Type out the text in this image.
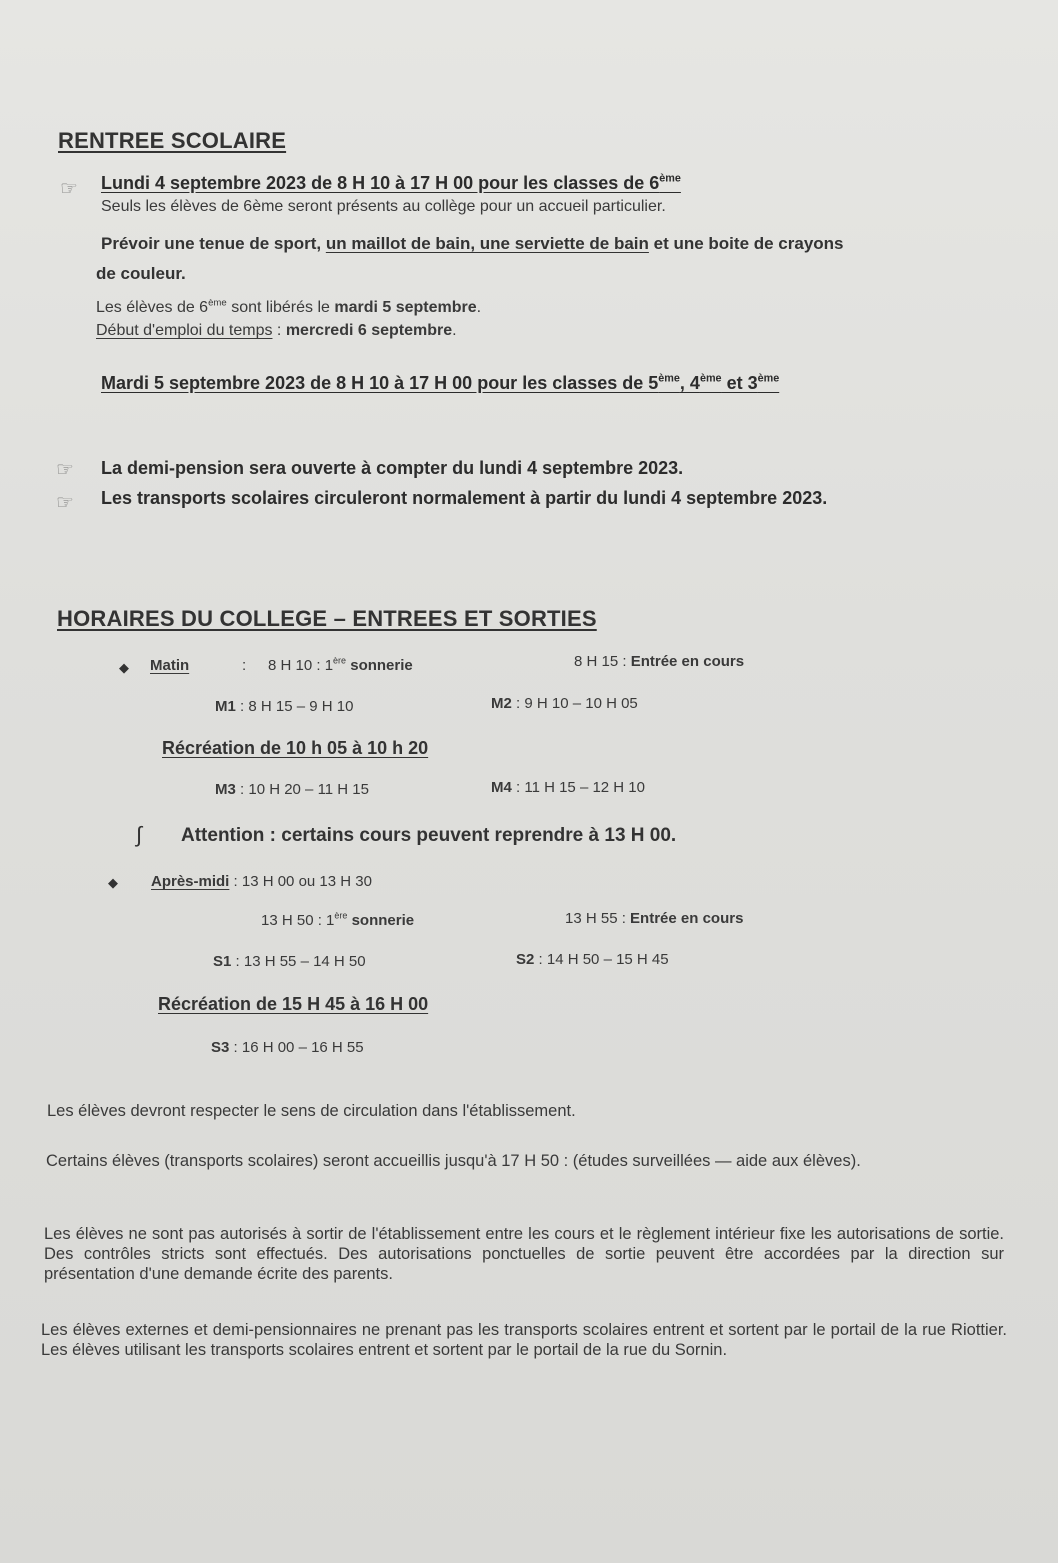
RENTREE SCOLAIRE
☞ Lundi 4 septembre 2023 de 8 H 10 à 17 H 00 pour les classes de 6ème
Seuls les élèves de 6ème seront présents au collège pour un accueil particulier.
Prévoir une tenue de sport, un maillot de bain, une serviette de bain et une boite de crayons
de couleur.
Les élèves de 6ème sont libérés le mardi 5 septembre.
Début d'emploi du temps : mercredi 6 septembre.
Mardi 5 septembre 2023 de 8 H 10 à 17 H 00 pour les classes de 5ème, 4ème et 3ème
☞ La demi-pension sera ouverte à compter du lundi 4 septembre 2023.
☞ Les transports scolaires circuleront normalement à partir du lundi 4 septembre 2023.
HORAIRES DU COLLEGE – ENTREES ET SORTIES
◆ Matin	: 8 H 10 : 1ère sonnerie	8 H 15 : Entrée en cours
M1 : 8 H 15 – 9 H 10	M2 : 9 H 10 – 10 H 05
Récréation de 10 h 05 à 10 h 20
M3 : 10 H 20 – 11 H 15	M4 : 11 H 15 – 12 H 10
∫ Attention : certains cours peuvent reprendre à 13 H 00.
◆ Après-midi : 13 H 00 ou 13 H 30
13 H 50 : 1ère sonnerie	13 H 55 : Entrée en cours
S1 : 13 H 55 – 14 H 50	S2 : 14 H 50 – 15 H 45
Récréation de 15 H 45 à 16 H 00
S3 : 16 H 00 – 16 H 55
Les élèves devront respecter le sens de circulation dans l'établissement.
Certains élèves (transports scolaires) seront accueillis jusqu'à 17 H 50 : (études surveillées — aide aux élèves).
Les élèves ne sont pas autorisés à sortir de l'établissement entre les cours et le règlement intérieur fixe les autorisations de sortie. Des contrôles stricts sont effectués. Des autorisations ponctuelles de sortie peuvent être accordées par la direction sur présentation d'une demande écrite des parents.
Les élèves externes et demi-pensionnaires ne prenant pas les transports scolaires entrent et sortent par le portail de la rue Riottier. Les élèves utilisant les transports scolaires entrent et sortent par le portail de la rue du Sornin.
